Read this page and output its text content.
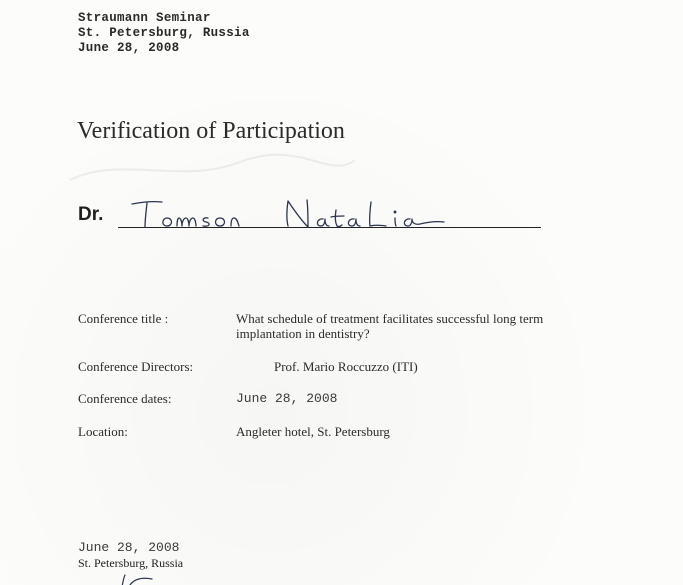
Straumann Seminar
St. Petersburg, Russia
June 28, 2008
Verification of Participation
Dr.
Conference title :	What schedule of treatment facilitates successful long term
implantation in dentistry?
Conference Directors:	Prof. Mario Roccuzzo (ITI)
Conference dates:	June 28, 2008
Location:	Angleter hotel, St. Petersburg
June 28, 2008
St. Petersburg, Russia
